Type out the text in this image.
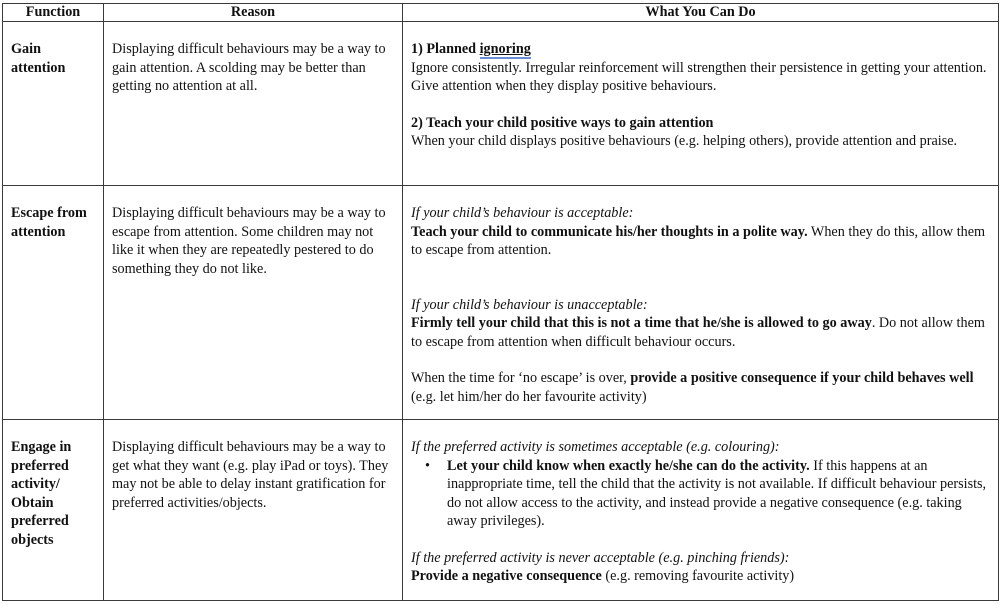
Function	Reason	What You Can Do
Gain attention	Displaying difficult behaviours may be a way to gain attention. A scolding may be better than getting no attention at all.	1) Planned ignoring

Ignore consistently. Irregular reinforcement will strengthen their persistence in getting your attention. Give attention when they display positive behaviours.

2) Teach your child positive ways to gain attention

When your child displays positive behaviours (e.g. helping others), provide attention and praise.

Escape from attention	Displaying difficult behaviours may be a way to escape from attention. Some children may not like it when they are repeatedly pestered to do something they do not like.	If your child’s behaviour is acceptable:

Teach your child to communicate his/her thoughts in a polite way. When they do this, allow them to escape from attention.

If your child’s behaviour is unacceptable:

Firmly tell your child that this is not a time that he/she is allowed to go away. Do not allow them to escape from attention when difficult behaviour occurs.

When the time for ‘no escape’ is over, provide a positive consequence if your child behaves well (e.g. let him/her do her favourite activity)

Engage in preferred activity/ Obtain preferred objects	Displaying difficult behaviours may be a way to get what they want (e.g. play iPad or toys). They may not be able to delay instant gratification for preferred activities/objects.	

If the preferred activity is sometimes acceptable (e.g. colouring):

• Let your child know when exactly he/she can do the activity. If this happens at an inappropriate time, tell the child that the activity is not available. If difficult behaviour persists, do not allow access to the activity, and instead provide a negative consequence (e.g. taking away privileges).

If the preferred activity is never acceptable (e.g. pinching friends):

Provide a negative consequence (e.g. removing favourite activity)
